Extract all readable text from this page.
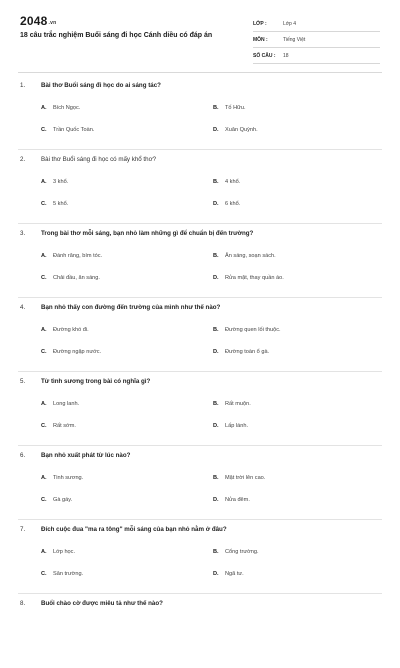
2048.vn
18 câu trắc nghiệm Buổi sáng đi học Cánh diều có đáp án
LỚP :	Lớp 4
MÔN :	Tiếng Việt
SỐ CÂU :	18
1.	Bài thơ Buổi sáng đi học do ai sáng tác?
A.	Bích Ngọc.	B.	Tố Hữu.
C.	Trần Quốc Toàn.	D.	Xuân Quỳnh.
2.	Bài thơ Buổi sáng đi học có mấy khổ thơ?
A.	3 khổ.	B.	4 khổ.
C.	5 khổ.	D.	6 khổ.
3.	Trong bài thơ mỗi sáng, bạn nhỏ làm những gì để chuẩn bị đến trường?
A.	Đánh răng, bím tóc.	B.	Ăn sáng, soạn sách.
C.	Chải đầu, ăn sáng.	D.	Rửa mặt, thay quần áo.
4.	Bạn nhỏ thấy con đường đến trường của mình như thế nào?
A.	Đường khó đi.	B.	Đường quen lối thuộc.
C.	Đường ngập nước.	D.	Đường toàn ổ gà.
5.	Từ tình sương trong bài có nghĩa gì?
A.	Long lanh.	B.	Rất muộn.
C.	Rất sớm.	D.	Lấp lánh.
6.	Bạn nhỏ xuất phát từ lúc nào?
A.	Tinh sương.	B.	Mặt trời lên cao.
C.	Gà gáy.	D.	Nửa đêm.
7.	Đích cuộc đua "ma ra tông" mỗi sáng của bạn nhỏ nằm ở đâu?
A.	Lớp học.	B.	Cổng trường.
C.	Sân trường.	D.	Ngã tư.
8.	Buổi chào cờ được miêu tả như thế nào?
